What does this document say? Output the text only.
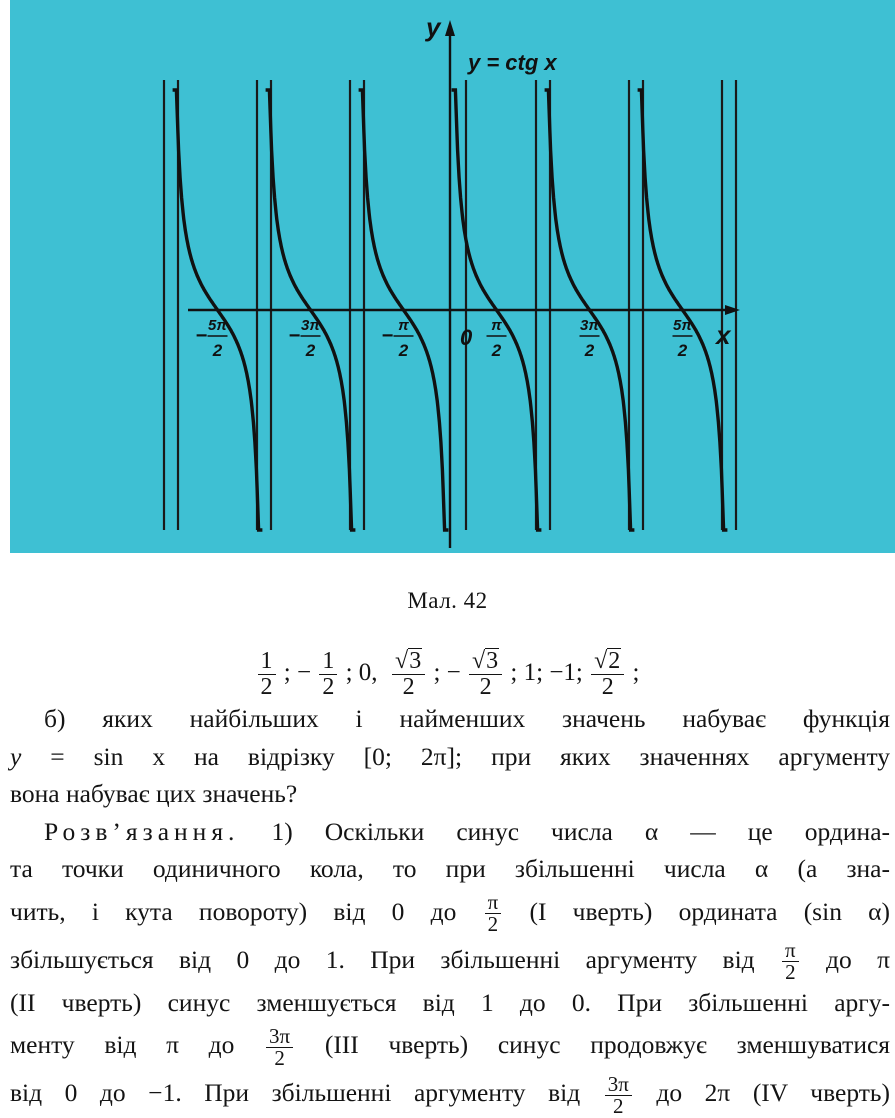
y
y = ctg x
x
0
− 5π
2
− 3π
2
− π
2
π
2
3π
2
5π
2
Мал. 42
$\frac{1}{2}$ ; − $\frac{1}{2}$ ; 0, $\frac{√ 3}{2}$ ; − $\frac{√ 3}{2}$ ; 1; −1; $\frac{√ 2}{2}$ ;
б) яких найбільших і найменших значень набуває функція
y = sin x на відрізку [0; 2π]; при яких значеннях аргументу
вона набуває цих значень?
Розв’язання. 1) Оскільки синус числа α — це ордина-
та точки одиничного кола, то при збільшенні числа α (а зна-
чить, і кута повороту) від 0 до $\frac{\pi}{2} (I$ чверть) ордината (sin α)
збільшується від 0 до 1. При збільшенні аргументу від $\frac{\pi}{2}$ до π
(II чверть) синус зменшується від 1 до 0. При збільшенні аргу-
менту від π до $\frac{3\pi}{2} (III$ чверть) синус продовжує зменшуватися
від 0 до −1. При збільшенні аргументу від $\frac{3\pi}{2}$ до 2π (IV чверть)
